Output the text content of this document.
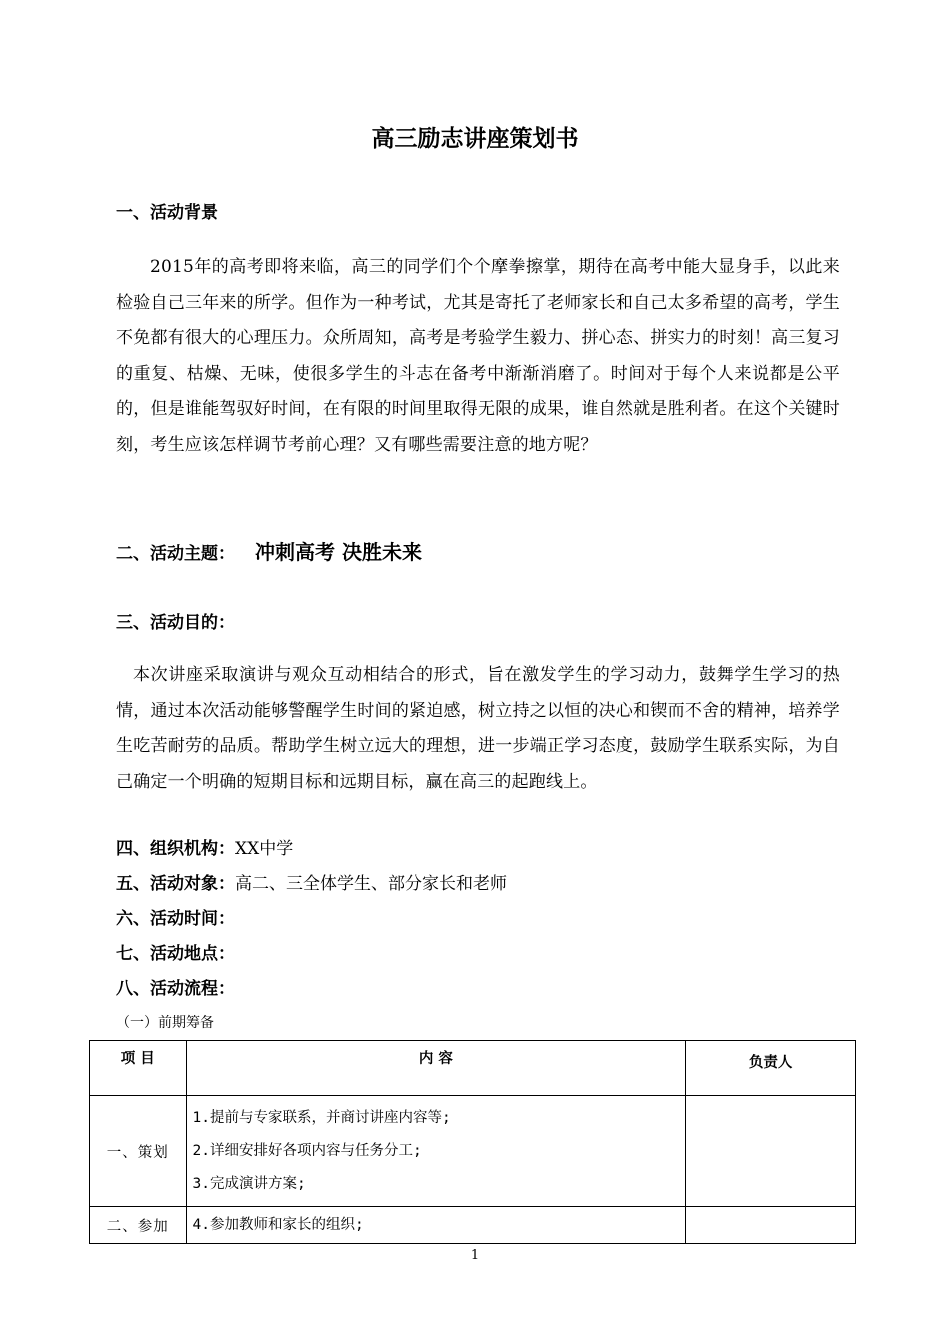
高三励志讲座策划书
一、活动背景
2015年的高考即将来临，高三的同学们个个摩拳擦掌，期待在高考中能大显身手，以此来检验自己三年来的所学。但作为一种考试，尤其是寄托了老师家长和自己太多希望的高考，学生不免都有很大的心理压力。众所周知，高考是考验学生毅力、拼心态、拼实力的时刻！高三复习的重复、枯燥、无味，使很多学生的斗志在备考中渐渐消磨了。时间对于每个人来说都是公平的，但是谁能驾驭好时间，在有限的时间里取得无限的成果，谁自然就是胜利者。在这个关键时刻，考生应该怎样调节考前心理？又有哪些需要注意的地方呢？
二、活动主题： 冲刺高考 决胜未来
三、活动目的：
本次讲座采取演讲与观众互动相结合的形式，旨在激发学生的学习动力，鼓舞学生学习的热情，通过本次活动能够警醒学生时间的紧迫感，树立持之以恒的决心和锲而不舍的精神，培养学生吃苦耐劳的品质。帮助学生树立远大的理想，进一步端正学习态度，鼓励学生联系实际，为自己确定一个明确的短期目标和远期目标，赢在高三的起跑线上。
四、组织机构：XX中学
五、活动对象：高二、三全体学生、部分家长和老师
六、活动时间：
七、活动地点：
八、活动流程：
（一）前期筹备
项 目	内 容	负责人
一、策划	1.提前与专家联系，并商讨讲座内容等;
2.详细安排好各项内容与任务分工;
3.完成演讲方案;	

二、参加	4.参加教师和家长的组织;	

1
